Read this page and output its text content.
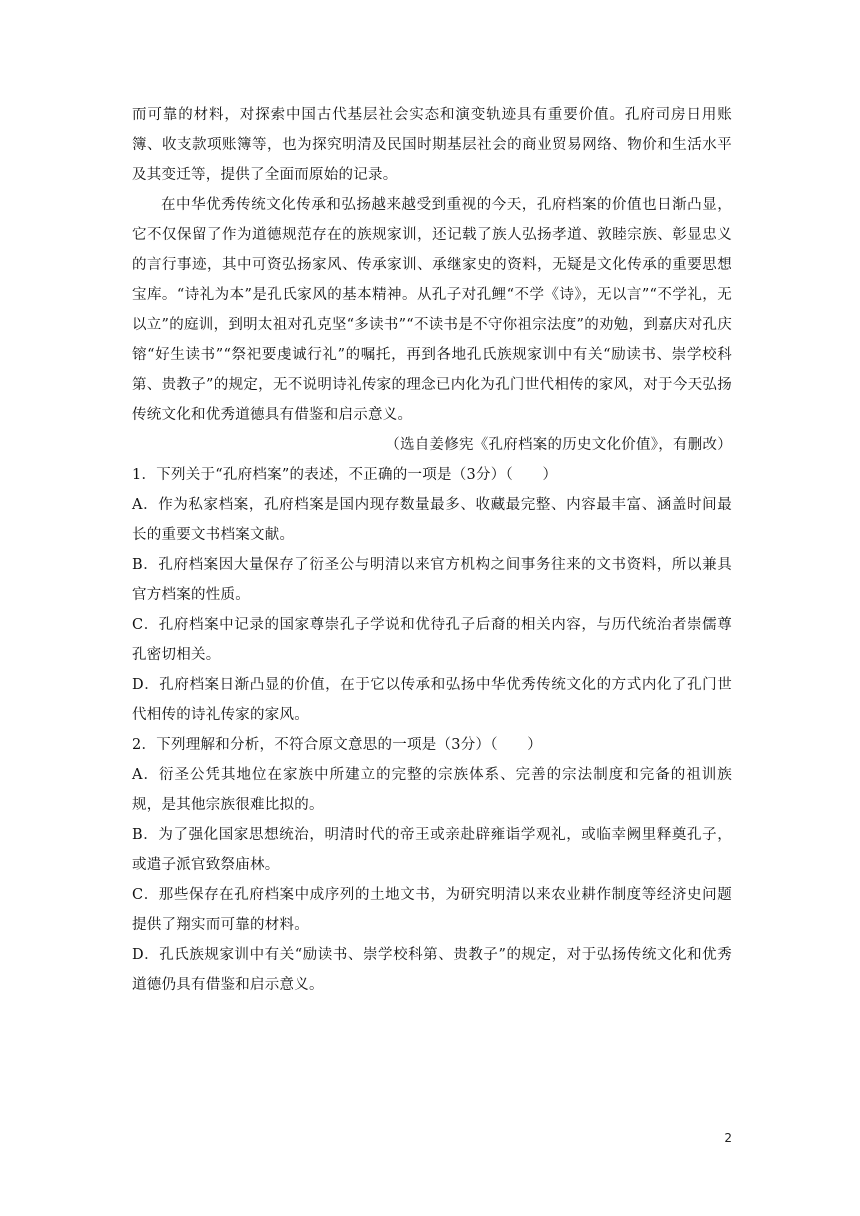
而可靠的材料，对探索中国古代基层社会实态和演变轨迹具有重要价值。孔府司房日用账簿、收支款项账簿等，也为探究明清及民国时期基层社会的商业贸易网络、物价和生活水平及其变迁等，提供了全面而原始的记录。

在中华优秀传统文化传承和弘扬越来越受到重视的今天，孔府档案的价值也日渐凸显，它不仅保留了作为道德规范存在的族规家训，还记载了族人弘扬孝道、敦睦宗族、彰显忠义的言行事迹，其中可资弘扬家风、传承家训、承继家史的资料，无疑是文化传承的重要思想宝库。“诗礼为本”是孔氏家风的基本精神。从孔子对孔鲤“不学《诗》，无以言”“不学礼，无以立”的庭训，到明太祖对孔克坚“多读书”“不读书是不守你祖宗法度”的劝勉，到嘉庆对孔庆镕“好生读书”“祭祀要虔诚行礼”的嘱托，再到各地孔氏族规家训中有关“励读书、崇学校科第、贵教子”的规定，无不说明诗礼传家的理念已内化为孔门世代相传的家风，对于今天弘扬传统文化和优秀道德具有借鉴和启示意义。

（选自姜修宪《孔府档案的历史文化价值》，有删改）

1．下列关于“孔府档案”的表述，不正确的一项是（3分）（　　）

A．作为私家档案，孔府档案是国内现存数量最多、收藏最完整、内容最丰富、涵盖时间最长的重要文书档案文献。

B．孔府档案因大量保存了衍圣公与明清以来官方机构之间事务往来的文书资料，所以兼具官方档案的性质。

C．孔府档案中记录的国家尊崇孔子学说和优待孔子后裔的相关内容，与历代统治者崇儒尊孔密切相关。

D．孔府档案日渐凸显的价值，在于它以传承和弘扬中华优秀传统文化的方式内化了孔门世代相传的诗礼传家的家风。

2．下列理解和分析，不符合原文意思的一项是（3分）（　　）

A．衍圣公凭其地位在家族中所建立的完整的宗族体系、完善的宗法制度和完备的祖训族规，是其他宗族很难比拟的。

B．为了强化国家思想统治，明清时代的帝王或亲赴辟雍诣学观礼，或临幸阙里释奠孔子，或遣子派官致祭庙林。

C．那些保存在孔府档案中成序列的土地文书，为研究明清以来农业耕作制度等经济史问题提供了翔实而可靠的材料。

D．孔氏族规家训中有关“励读书、崇学校科第、贵教子”的规定，对于弘扬传统文化和优秀道德仍具有借鉴和启示意义。

2
